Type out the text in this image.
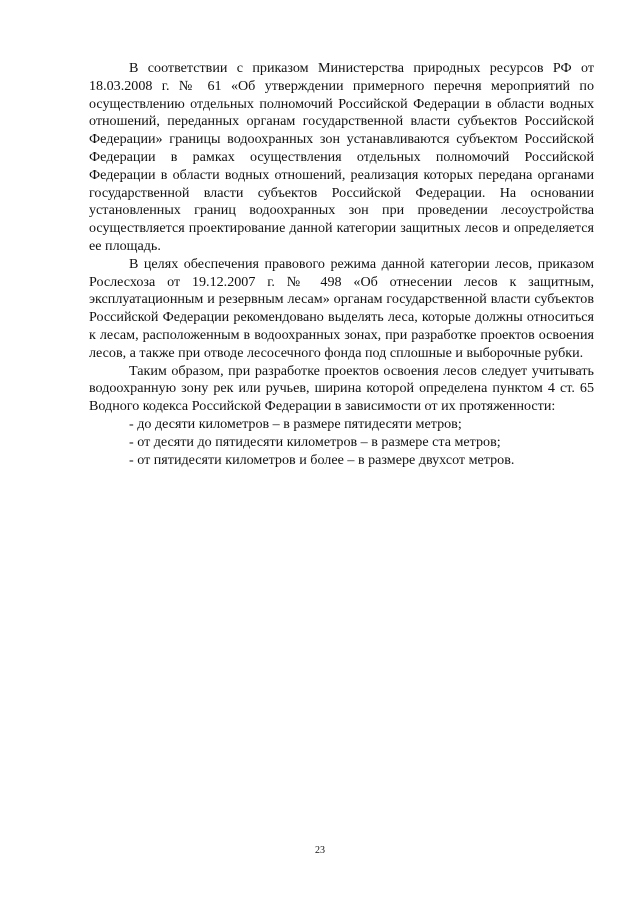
В соответствии с приказом Министерства природных ресурсов РФ от 18.03.2008 г. № 61 «Об утверждении примерного перечня мероприятий по осуществлению отдельных полномочий Российской Федерации в области водных отношений, переданных органам государственной власти субъектов Российской Федерации» границы водоохранных зон устанавливаются субъектом Российской Федерации в рамках осуществления отдельных полномочий Российской Федерации в области водных отношений, реализация которых передана органами государственной власти субъектов Российской Федерации. На основании установленных границ водоохранных зон при проведении лесоустройства осуществляется проектирование данной категории защитных лесов и определяется ее площадь.

В целях обеспечения правового режима данной категории лесов, приказом Рослесхоза от 19.12.2007 г. № 498 «Об отнесении лесов к защитным, эксплуатационным и резервным лесам» органам государственной власти субъектов Российской Федерации рекомендовано выделять леса, которые должны относиться к лесам, расположенным в водоохранных зонах, при разработке проектов освоения лесов, а также при отводе лесосечного фонда под сплошные и выборочные рубки.

Таким образом, при разработке проектов освоения лесов следует учитывать водоохранную зону рек или ручьев, ширина которой определена пунктом 4 ст. 65 Водного кодекса Российской Федерации в зависимости от их протяженности:

- до десяти километров – в размере пятидесяти метров;

- от десяти до пятидесяти километров – в размере ста метров;

- от пятидесяти километров и более – в размере двухсот метров.

23
